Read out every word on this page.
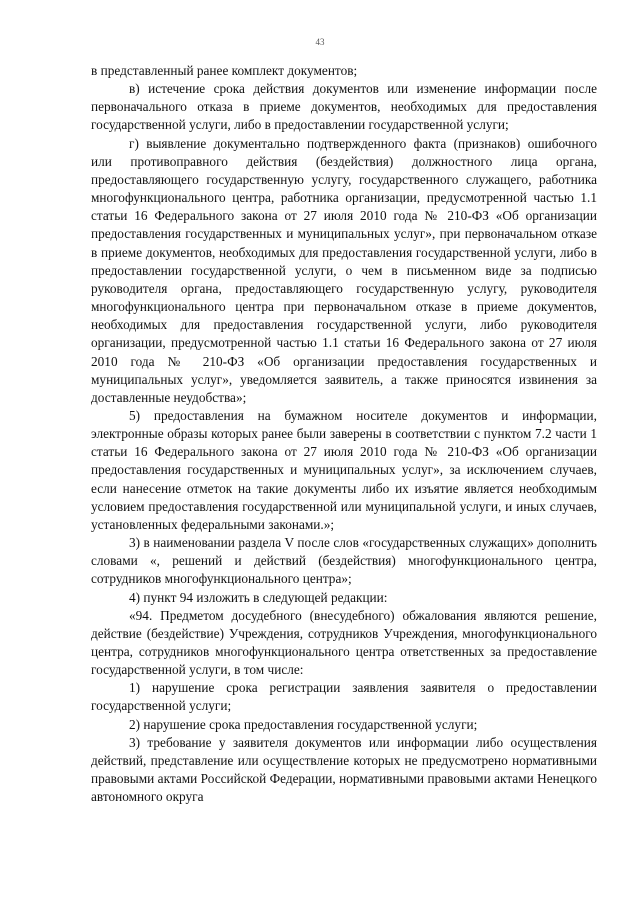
43

в представленный ранее комплект документов;

в) истечение срока действия документов или изменение информации после первоначального отказа в приеме документов, необходимых для предоставления государственной услуги, либо в предоставлении государственной услуги;

г) выявление документально подтвержденного факта (признаков) ошибочного или противоправного действия (бездействия) должностного лица органа, предоставляющего государственную услугу, государственного служащего, работника многофункционального центра, работника организации, предусмотренной частью 1.1 статьи 16 Федерального закона от 27 июля 2010 года № 210-ФЗ «Об организации предоставления государственных и муниципальных услуг», при первоначальном отказе в приеме документов, необходимых для предоставления государственной услуги, либо в предоставлении государственной услуги, о чем в письменном виде за подписью руководителя органа, предоставляющего государственную услугу, руководителя многофункционального центра при первоначальном отказе в приеме документов, необходимых для предоставления государственной услуги, либо руководителя организации, предусмотренной частью 1.1 статьи 16 Федерального закона от 27 июля 2010 года № 210-ФЗ «Об организации предоставления государственных и муниципальных услуг», уведомляется заявитель, а также приносятся извинения за доставленные неудобства»;

5) предоставления на бумажном носителе документов и информации, электронные образы которых ранее были заверены в соответствии с пунктом 7.2 части 1 статьи 16 Федерального закона от 27 июля 2010 года № 210-ФЗ «Об организации предоставления государственных и муниципальных услуг», за исключением случаев, если нанесение отметок на такие документы либо их изъятие является необходимым условием предоставления государственной или муниципальной услуги, и иных случаев, установленных федеральными законами.»;

3) в наименовании раздела V после слов «государственных служащих» дополнить словами «, решений и действий (бездействия) многофункционального центра, сотрудников многофункционального центра»;

4) пункт 94 изложить в следующей редакции:

«94. Предметом досудебного (внесудебного) обжалования являются решение, действие (бездействие) Учреждения, сотрудников Учреждения, многофункционального центра, сотрудников многофункционального центра ответственных за предоставление государственной услуги, в том числе:

1) нарушение срока регистрации заявления заявителя о предоставлении государственной услуги;

2) нарушение срока предоставления государственной услуги;

3) требование у заявителя документов или информации либо осуществления действий, представление или осуществление которых не предусмотрено нормативными правовыми актами Российской Федерации, нормативными правовыми актами Ненецкого автономного округа
